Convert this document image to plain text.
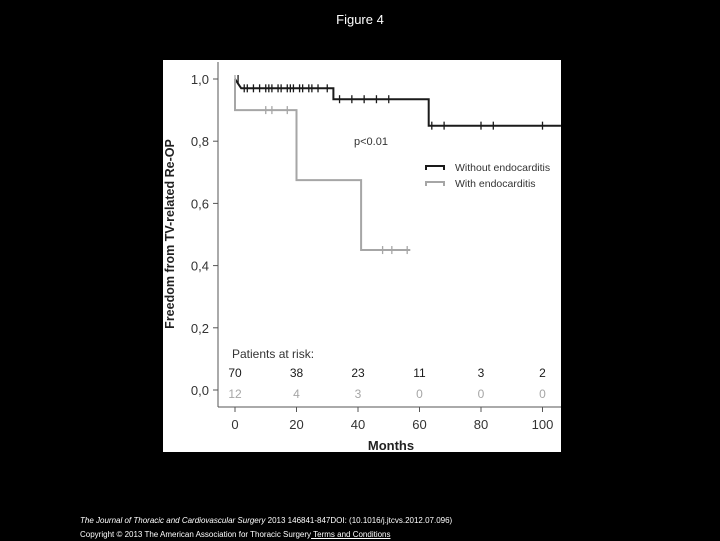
Figure 4
0,0
0,2
0,4
0,6
0,8
1,0
0	20	40	60	80	100
Months
Freedom from TV-related Re-OP
Patients at risk:
70	38	23	11	3	2
12	4	3	0	0	0
p<0.01
Without endocarditis
With endocarditis
The Journal of Thoracic and Cardiovascular Surgery 2013 146841-847DOI: (10.1016/j.jtcvs.2012.07.096)
Copyright © 2013 The American Association for Thoracic Surgery Terms and Conditions
